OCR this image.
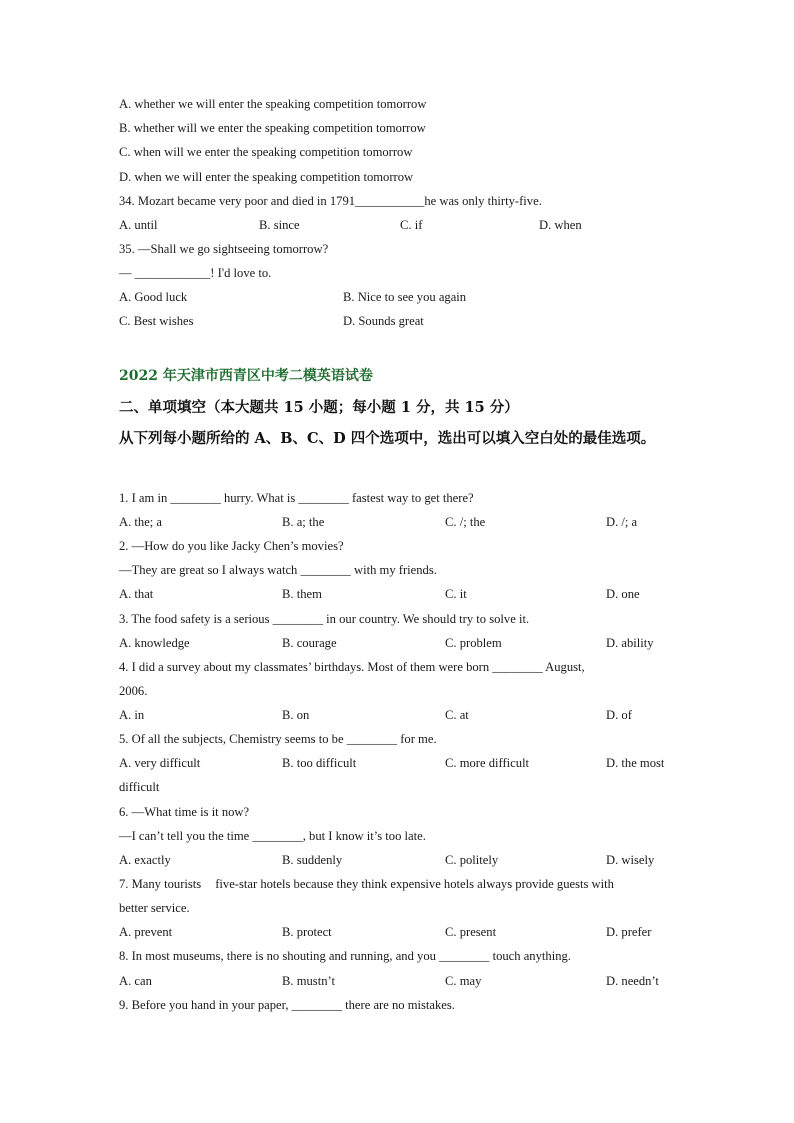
A. whether we will enter the speaking competition tomorrow
B. whether will we enter the speaking competition tomorrow
C. when will we enter the speaking competition tomorrow
D. when we will enter the speaking competition tomorrow
34. Mozart became very poor and died in 1791___________he was only thirty-five.
A. until	B. since	C. if	D. when
35. —Shall we go sightseeing tomorrow?
— ____________! I'd love to.
A. Good luck	B. Nice to see you again
C. Best wishes	D. Sounds great
2022 年天津市西青区中考二模英语试卷
二、单项填空（本大题共 15 小题；每小题 1 分，共 15 分）
从下列每小题所给的 A、B、C、D 四个选项中，选出可以填入空白处的最佳选项。
1. I am in ________ hurry. What is ________ fastest way to get there?
A. the; a	B. a; the	C. /; the	D. /; a
2. —How do you like Jacky Chen’s movies?
—They are great so I always watch ________ with my friends.
A. that	B. them	C. it	D. one
3. The food safety is a serious ________ in our country. We should try to solve it.
A. knowledge	B. courage	C. problem	D. ability
4. I did a survey about my classmates’ birthdays. Most of them were born ________ August,
2006.
A. in	B. on	C. at	D. of
5. Of all the subjects, Chemistry seems to be ________ for me.
A. very difficult	B. too difficult	C. more difficult	D. the most
difficult
6. —What time is it now?
—I can’t tell you the time ________, but I know it’s too late.
A. exactly	B. suddenly	C. politely	D. wisely
7. Many tourists five-star hotels because they think expensive hotels always provide guests with
better service.
A. prevent	B. protect	C. present	D. prefer
8. In most museums, there is no shouting and running, and you ________ touch anything.
A. can	B. mustn’t	C. may	D. needn’t
9. Before you hand in your paper, ________ there are no mistakes.
